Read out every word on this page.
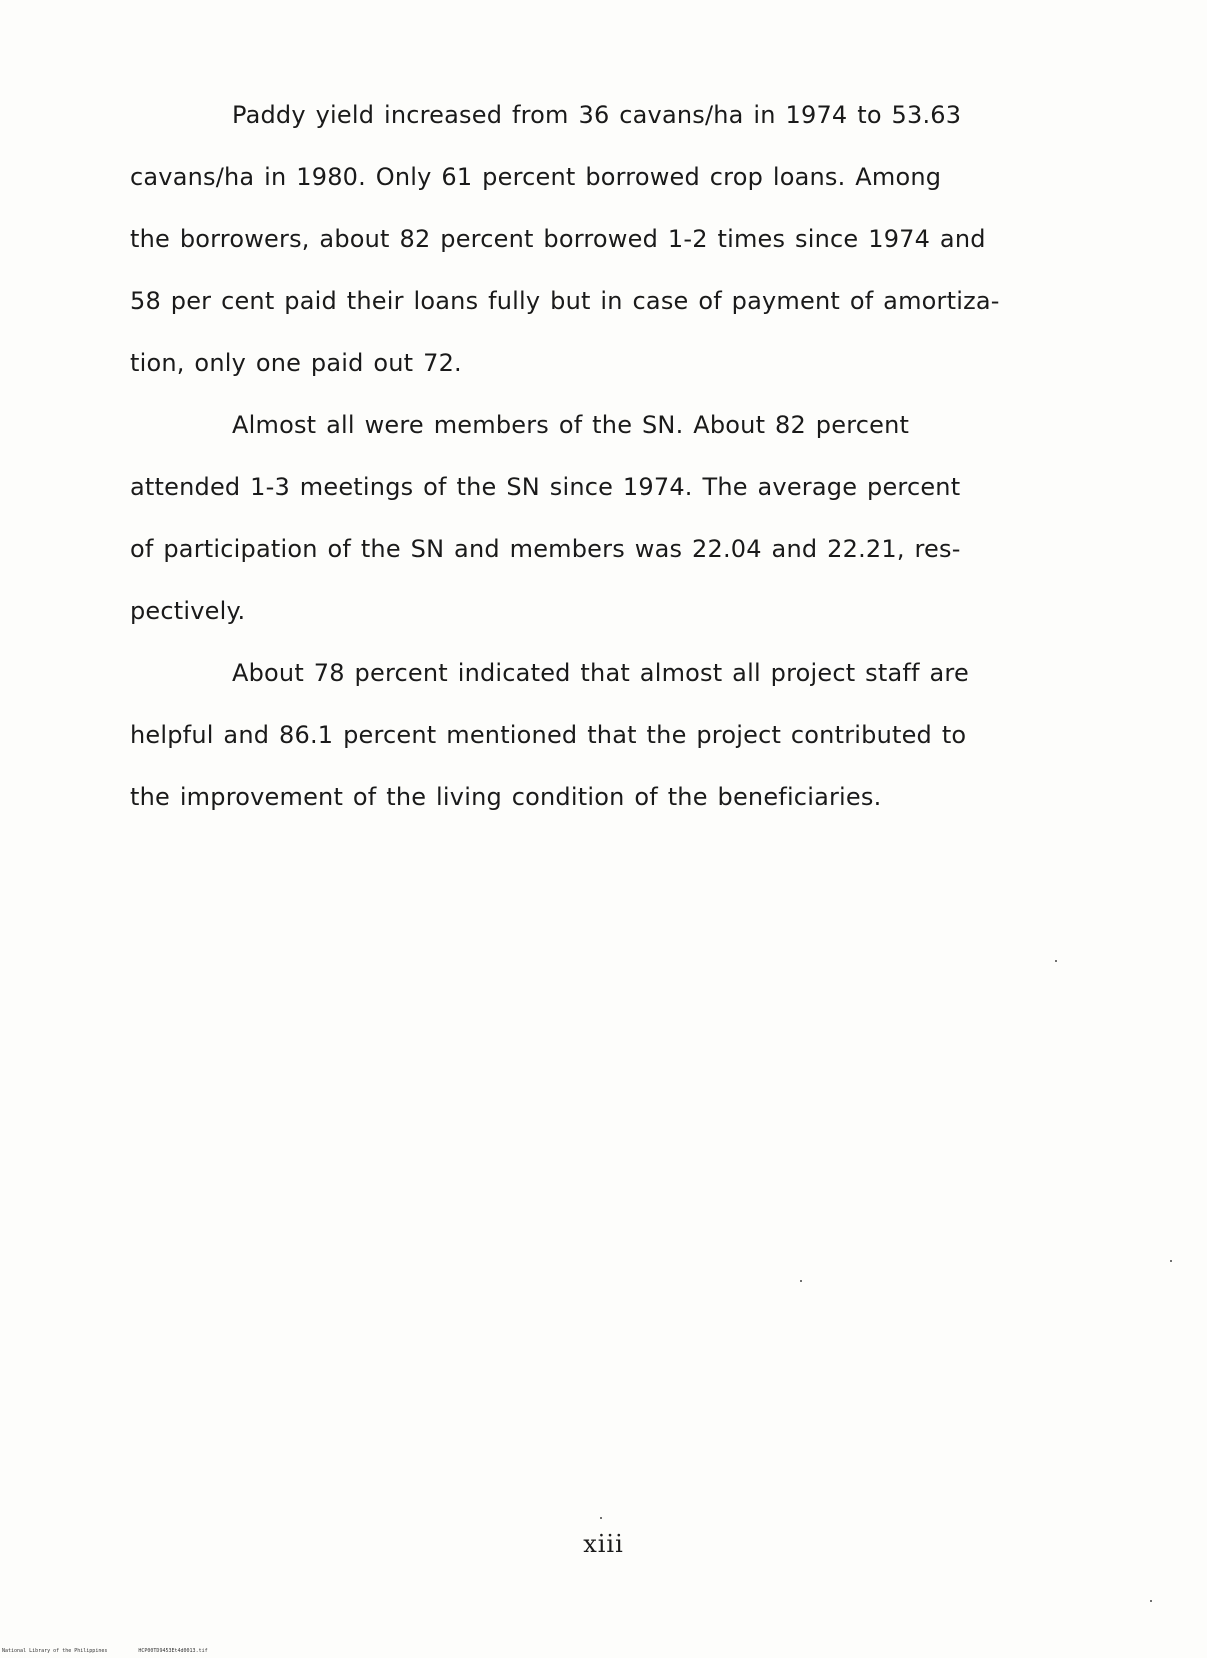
Paddy yield increased from 36 cavans/ha in 1974 to 53.63
cavans/ha in 1980. Only 61 percent borrowed crop loans. Among
the borrowers, about 82 percent borrowed 1-2 times since 1974 and
58 per cent paid their loans fully but in case of payment of amortiza-
tion, only one paid out 72.
Almost all were members of the SN. About 82 percent
attended 1-3 meetings of the SN since 1974. The average percent
of participation of the SN and members was 22.04 and 22.21, res-
pectively.
About 78 percent indicated that almost all project staff are
helpful and 86.1 percent mentioned that the project contributed to
the improvement of the living condition of the beneficiaries.
xiii
National Library of the Philippines	HCP00TD9453Et4d0013.tif
